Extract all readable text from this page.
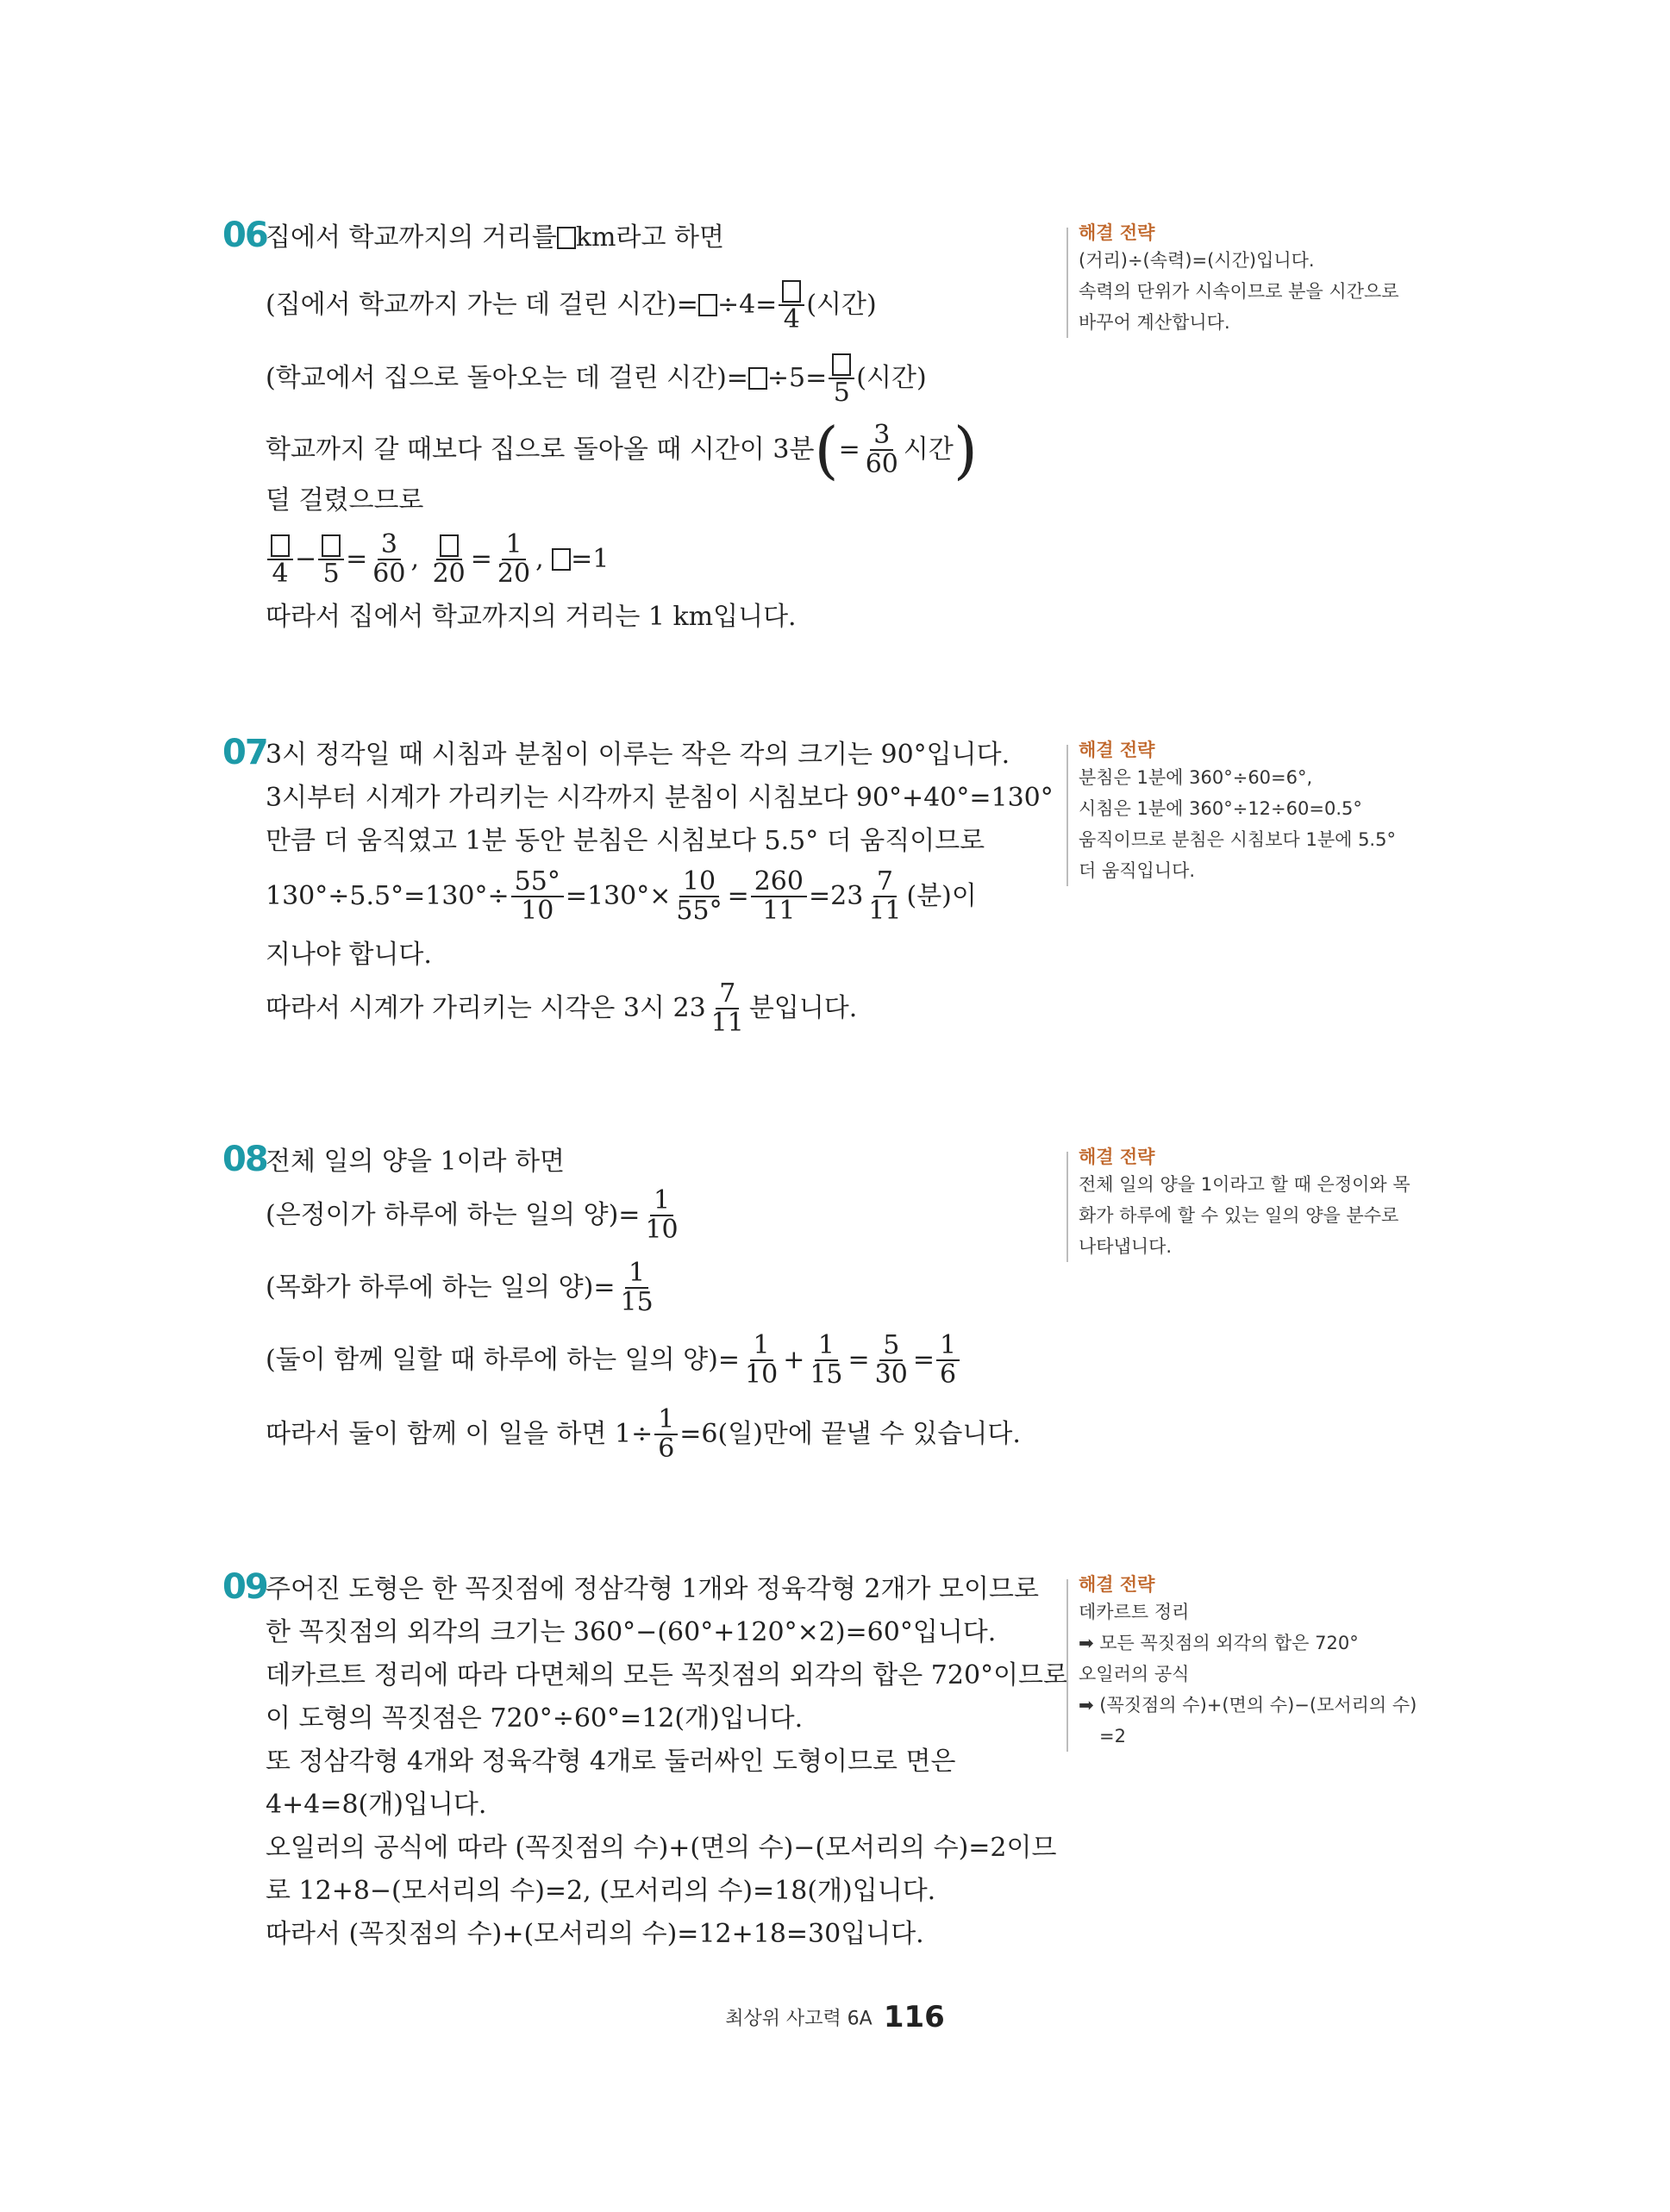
06
집에서 학교까지의 거리를 km라고 하면
(집에서 학교까지 가는 데 걸린 시간)= ÷4= 4 (시간)
(학교에서 집으로 돌아오는 데 걸린 시간)= ÷5= 5 (시간)
학교까지 갈 때보다 집으로 돌아올 때 시간이 3분 ( = $\frac{3}{60}$ 시간 )
덜 걸렸으므로
$4 - 5 = \frac{3}{60}$ ,
$20 = \frac{1}{20}$ ,
=1
따라서 집에서 학교까지의 거리는 1 km입니다.
07
3시 정각일 때 시침과 분침이 이루는 작은 각의 크기는 90°입니다.
3시부터 시계가 가리키는 시각까지 분침이 시침보다 90°+40°=130°
만큼 더 움직였고 1분 동안 분침은 시침보다 5.5° 더 움직이므로
$130^\circ\div 5.5^\circ=130^\circ\div \frac{55^\circ}{10} =130^\circ\times \frac{10}{55^\circ} = \frac{260}{11} =23 \frac{7}{11}$ (분)이
지나야 합니다.
따라서 시계가 가리키는 시각은 3시 $23 \frac{7}{11}$ 분입니다.
08
전체 일의 양을 1이라 하면
(은정이가 하루에 하는 일의 양)= $\frac{1}{10}$
(목화가 하루에 하는 일의 양)= $\frac{1}{15}$
(둘이 함께 일할 때 하루에 하는 일의 양)= $\frac{1}{10} + \frac{1}{15} = \frac{5}{30} = \frac{1}{6}$
따라서 둘이 함께 이 일을 하면 $1\div \frac{1}{6} =6$(일)만에 끝낼 수 있습니다.
09
주어진 도형은 한 꼭짓점에 정삼각형 1개와 정육각형 2개가 모이므로
한 꼭짓점의 외각의 크기는 360°−(60°+120°×2)=60°입니다.
데카르트 정리에 따라 다면체의 모든 꼭짓점의 외각의 합은 720°이므로
이 도형의 꼭짓점은 720°÷60°=12(개)입니다.
또 정삼각형 4개와 정육각형 4개로 둘러싸인 도형이므로 면은
4+4=8(개)입니다.
오일러의 공식에 따라 (꼭짓점의 수)+(면의 수)−(모서리의 수)=2이므
로 12+8−(모서리의 수)=2, (모서리의 수)=18(개)입니다.
따라서 (꼭짓점의 수)+(모서리의 수)=12+18=30입니다.
해결 전략
(거리)÷(속력)=(시간)입니다.
속력의 단위가 시속이므로 분을 시간으로
바꾸어 계산합니다.
해결 전략
분침은 1분에 360°÷60=6°,
시침은 1분에 360°÷12÷60=0.5°
움직이므로 분침은 시침보다 1분에 5.5°
더 움직입니다.
해결 전략
전체 일의 양을 1이라고 할 때 은정이와 목
화가 하루에 할 수 있는 일의 양을 분수로
나타냅니다.
해결 전략
데카르트 정리
➡ 모든 꼭짓점의 외각의 합은 720°
오일러의 공식
➡ (꼭짓점의 수)+(면의 수)−(모서리의 수)
=2
최상위 사고력 6A 116
